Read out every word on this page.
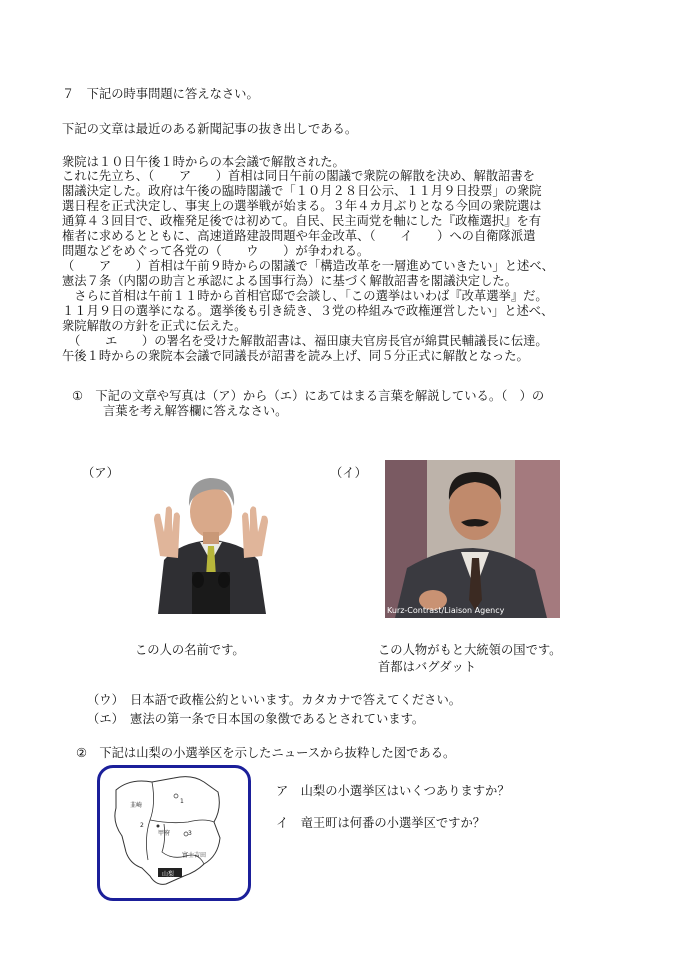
７　下記の時事問題に答えなさい。
下記の文章は最近のある新聞記事の抜き出しである。
衆院は１０日午後１時からの本会議で解散された。
これに先立ち、（　　ア　　）首相は同日午前の閣議で衆院の解散を決め、解散詔書を
閣議決定した。政府は午後の臨時閣議で「１０月２８日公示、１１月９日投票」の衆院
選日程を正式決定し、事実上の選挙戦が始まる。３年４カ月ぶりとなる今回の衆院選は
通算４３回目で、政権発足後では初めて。自民、民主両党を軸にした『政権選択』を有
権者に求めるとともに、高速道路建設問題や年金改革、（　　イ　　）への自衛隊派遣
問題などをめぐって各党の（　　ウ　　）が争われる。
（　　ア　　）首相は午前９時からの閣議で「構造改革を一層進めていきたい」と述べ、
憲法７条（内閣の助言と承認による国事行為）に基づく解散詔書を閣議決定した。
　さらに首相は午前１１時から首相官邸で会談し、「この選挙はいわば『改革選挙』だ。
１１月９日の選挙になる。選挙後も引き続き、３党の枠組みで政権運営したい」と述べ、
衆院解散の方針を正式に伝えた。
　（　　エ　　）の署名を受けた解散詔書は、福田康夫官房長官が綿貫民輔議長に伝達。
午後１時からの衆院本会議で同議長が詔書を読み上げ、同５分正式に解散となった。
①　下記の文章や写真は（ア）から（エ）にあてはまる言葉を解説している。（　）の
言葉を考え解答欄に答えなさい。
（ア）	（イ）
Kurz-Contrast/Liaison Agency
この人の名前です。	この人物がもと大統領の国です。
首都はバグダット
（ウ）　日本語で政権公約といいます。カタカナで答えてください。
（エ）　憲法の第一条で日本国の象徴であるとされています。
②　下記は山梨の小選挙区を示したニュースから抜粋した図である。
韮崎
1
2
甲府	3
富士吉田
山梨
ア　山梨の小選挙区はいくつありますか？
イ　竜王町は何番の小選挙区ですか？
